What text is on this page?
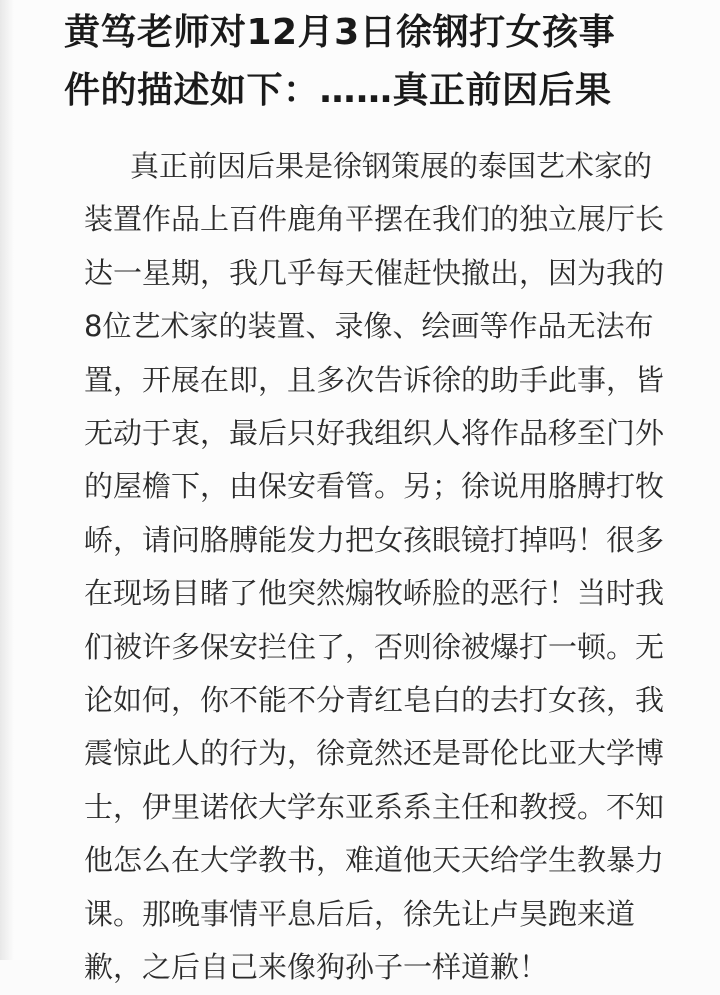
黄笃老师对12月3日徐钢打女孩事
件的描述如下：……真正前因后果
真正前因后果是徐钢策展的泰国艺术家的
装置作品上百件鹿角平摆在我们的独立展厅长
达一星期，我几乎每天催赶快撤出，因为我的
8位艺术家的装置、录像、绘画等作品无法布
置，开展在即，且多次告诉徐的助手此事，皆
无动于衷，最后只好我组织人将作品移至门外
的屋檐下，由保安看管。另；徐说用胳膊打牧
峤，请问胳膊能发力把女孩眼镜打掉吗！很多
在现场目睹了他突然煽牧峤脸的恶行！当时我
们被许多保安拦住了，否则徐被爆打一顿。无
论如何，你不能不分青红皂白的去打女孩，我
震惊此人的行为，徐竟然还是哥伦比亚大学博
士，伊里诺依大学东亚系系主任和教授。不知
他怎么在大学教书，难道他天天给学生教暴力
课。那晚事情平息后后，徐先让卢昊跑来道
歉，之后自己来像狗孙子一样道歉！
